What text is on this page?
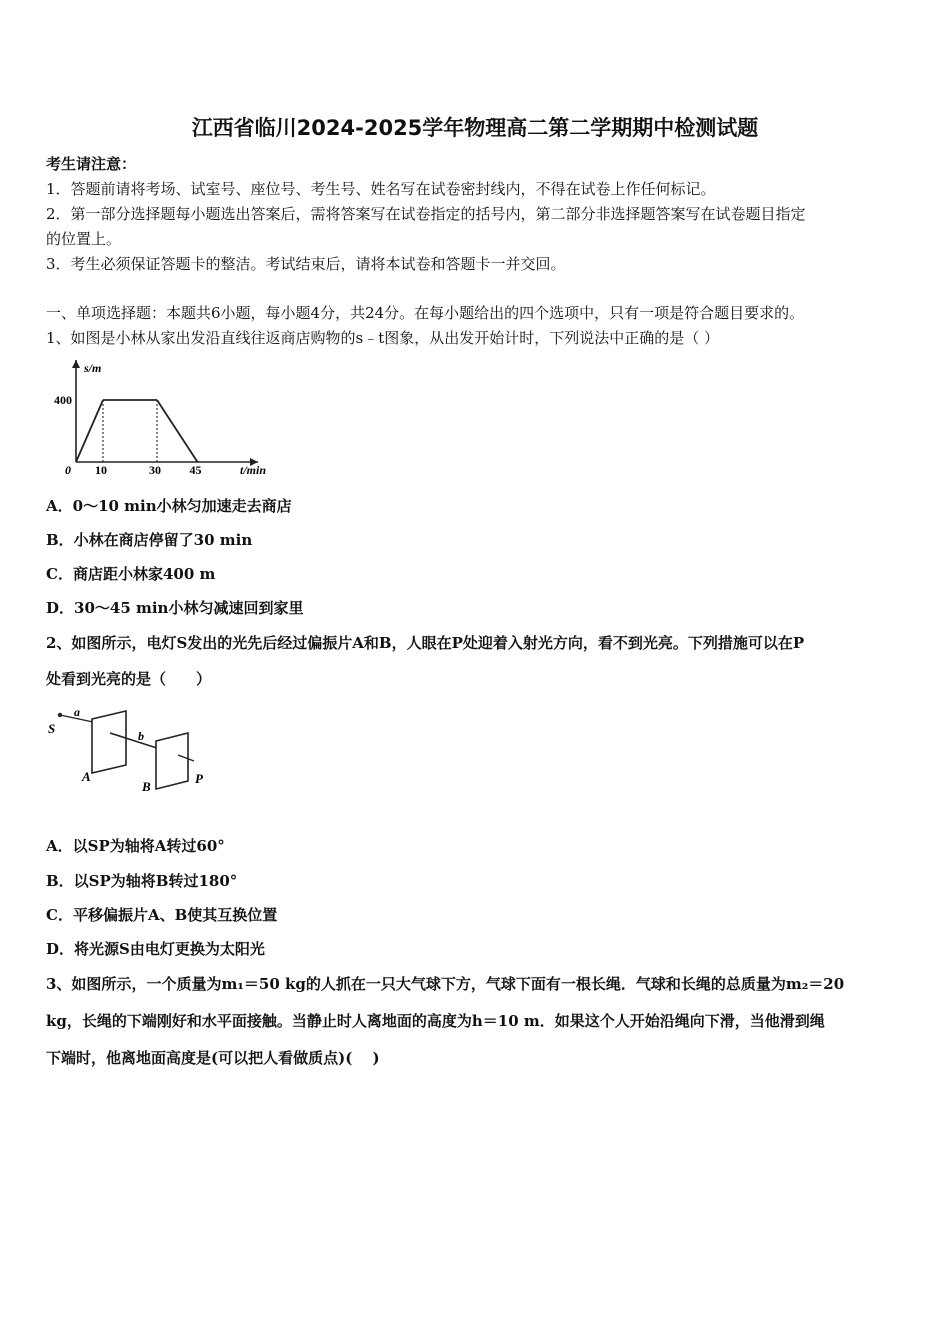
江西省临川2024-2025学年物理高二第二学期期中检测试题
考生请注意：
1．答题前请将考场、试室号、座位号、考生号、姓名写在试卷密封线内，不得在试卷上作任何标记。
2．第一部分选择题每小题选出答案后，需将答案写在试卷指定的括号内，第二部分非选择题答案写在试卷题目指定
的位置上。
3．考生必须保证答题卡的整洁。考试结束后，请将本试卷和答题卡一并交回。
一、单项选择题：本题共6小题，每小题4分，共24分。在每小题给出的四个选项中，只有一项是符合题目要求的。
1、如图是小林从家出发沿直线往返商店购物的s﹣t图象，从出发开始计时，下列说法中正确的是（ ）
s/m
t/min
0 10	30 45
400
A．0～10 min小林匀加速走去商店
B．小林在商店停留了30 min
C．商店距小林家400 m
D．30～45 min小林匀减速回到家里
2、如图所示，电灯S发出的光先后经过偏振片A和B，人眼在P处迎着入射光方向，看不到光亮。下列措施可以在P
处看到光亮的是（　　）
S
a
b
A
B
P
A．以SP为轴将A转过60°
B．以SP为轴将B转过180°
C．平移偏振片A、B使其互换位置
D．将光源S由电灯更换为太阳光
3、如图所示，一个质量为m₁＝50 kg的人抓在一只大气球下方，气球下面有一根长绳．气球和长绳的总质量为m₂＝20
kg，长绳的下端刚好和水平面接触。当静止时人离地面的高度为h＝10 m．如果这个人开始沿绳向下滑，当他滑到绳
下端时，他离地面高度是(可以把人看做质点)(　 )
